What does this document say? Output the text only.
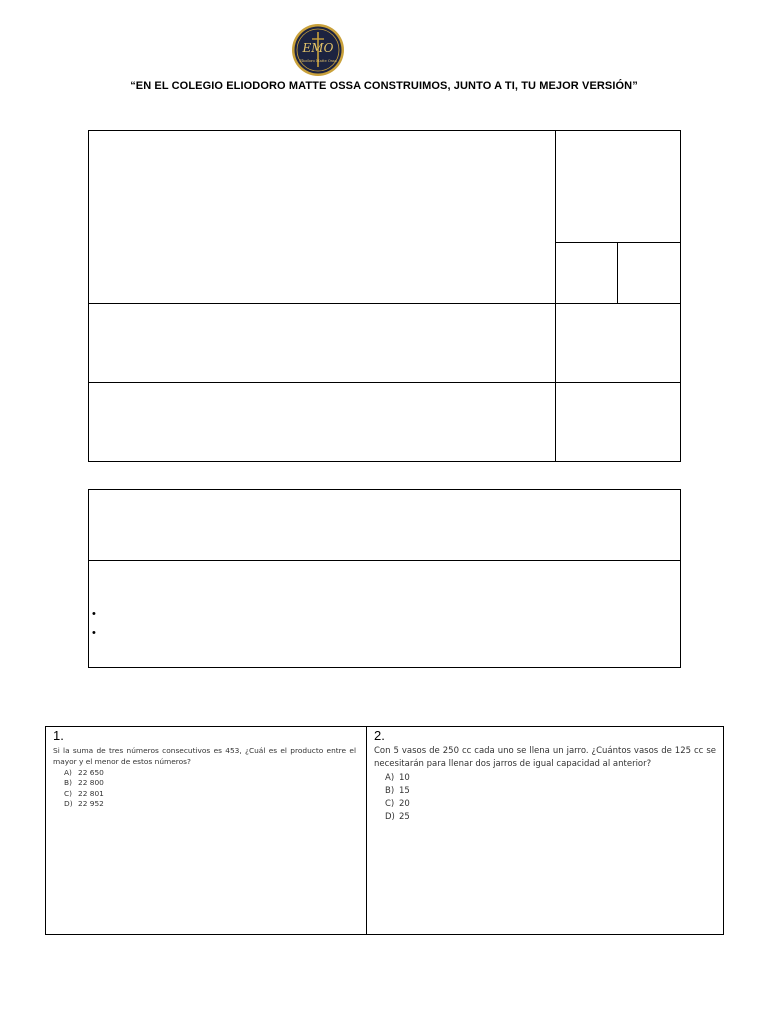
EMO
Eliodoro Matte Ossa
“EN EL COLEGIO ELIODORO MATTE OSSA CONSTRUIMOS, JUNTO A TI, TU MEJOR VERSIÓN”
•
•
1.
Si la suma de tres números consecutivos es 453, ¿Cuál es el producto entre el mayor y el menor de estos números?
A) 22 650
B) 22 800
C) 22 801
D) 22 952
2.
Con 5 vasos de 250 cc cada uno se llena un jarro. ¿Cuántos vasos de 125 cc se necesitarán para llenar dos jarros de igual capacidad al anterior?
A) 10
B) 15
C) 20
D) 25
